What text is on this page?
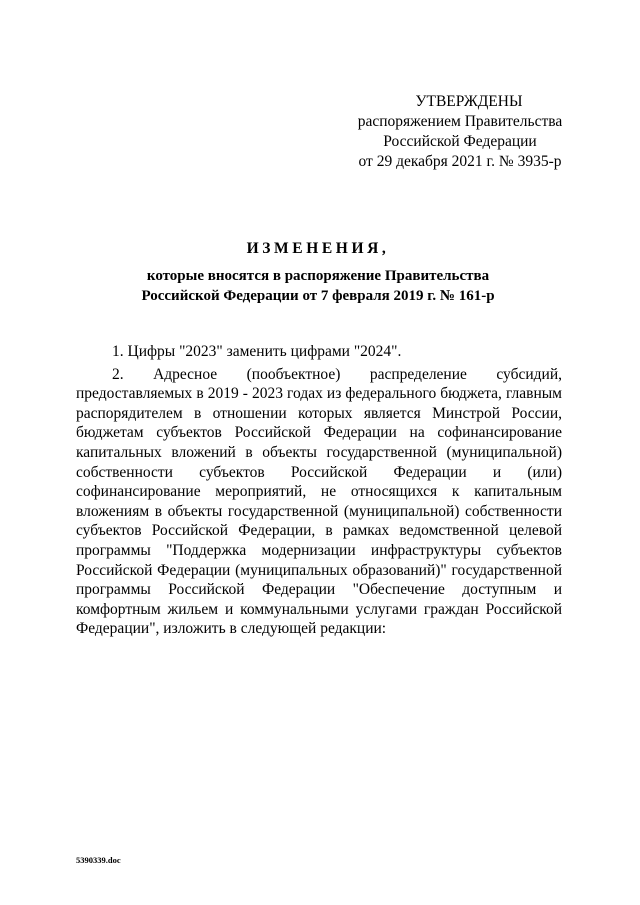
УТВЕРЖДЕНЫ
распоряжением Правительства
Российской Федерации
от 29 декабря 2021 г. № 3935-р
ИЗМЕНЕНИЯ,
которые вносятся в распоряжение Правительства
Российской Федерации от 7 февраля 2019 г. № 161-р

1. Цифры "2023" заменить цифрами "2024".

2. Адресное (пообъектное) распределение субсидий, предоставляемых в 2019 - 2023 годах из федерального бюджета, главным распорядителем в отношении которых является Минстрой России, бюджетам субъектов Российской Федерации на софинансирование капитальных вложений в объекты государственной (муниципальной) собственности субъектов Российской Федерации и (или) софинансирование мероприятий, не относящихся к капитальным вложениям в объекты государственной (муниципальной) собственности субъектов Российской Федерации, в рамках ведомственной целевой программы "Поддержка модернизации инфраструктуры субъектов Российской Федерации (муниципальных образований)" государственной программы Российской Федерации "Обеспечение доступным и комфортным жильем и коммунальными услугами граждан Российской Федерации", изложить в следующей редакции:

5390339.doc
